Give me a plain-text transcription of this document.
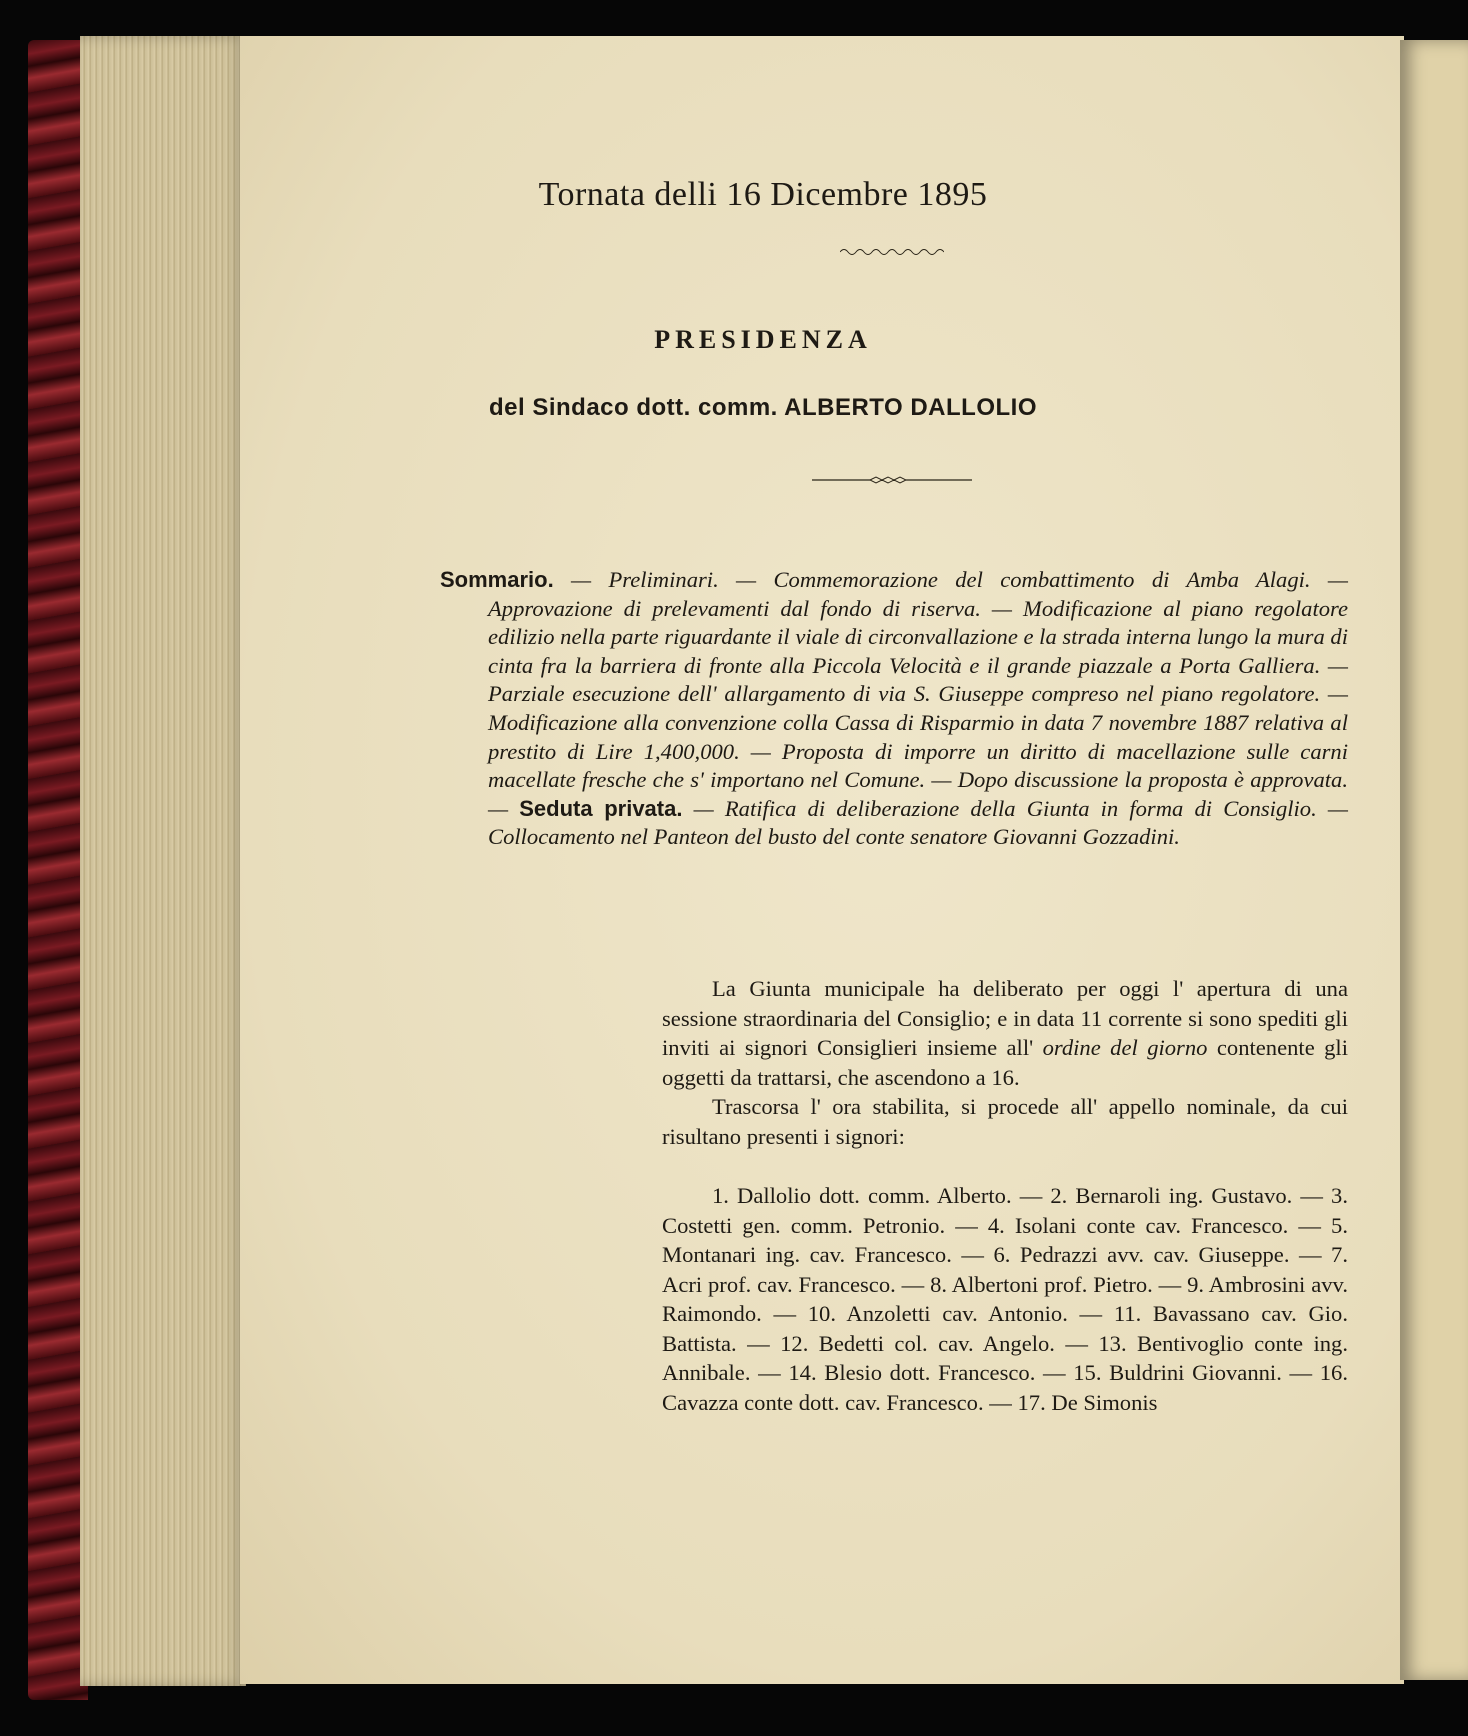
Tornata delli 16 Dicembre 1895
PRESIDENZA
del Sindaco dott. comm. ALBERTO DALLOLIO
Sommario. — Preliminari. — Commemorazione del combattimento di Amba Alagi. — Approvazione di prelevamenti dal fondo di riserva. — Modificazione al piano regolatore edilizio nella parte riguardante il viale di circonvallazione e la strada interna lungo la mura di cinta fra la barriera di fronte alla Piccola Velocità e il grande piazzale a Porta Galliera. — Parziale esecuzione dell' allargamento di via S. Giuseppe compreso nel piano regolatore. — Modificazione alla convenzione colla Cassa di Risparmio in data 7 novembre 1887 relativa al prestito di Lire 1,400,000. — Proposta di imporre un diritto di macellazione sulle carni macellate fresche che s' importano nel Comune. — Dopo discussione la proposta è approvata. — Seduta privata. — Ratifica di deliberazione della Giunta in forma di Consiglio. — Collocamento nel Panteon del busto del conte senatore Giovanni Gozzadini.

La Giunta municipale ha deliberato per oggi l' apertura di una sessione straordinaria del Consiglio; e in data 11 corrente si sono spediti gli inviti ai signori Consiglieri insieme all' ordine del giorno contenente gli oggetti da trattarsi, che ascendono a 16.

Trascorsa l' ora stabilita, si procede all' appello nominale, da cui risultano presenti i signori:

1. Dallolio dott. comm. Alberto. — 2. Bernaroli ing. Gustavo. — 3. Costetti gen. comm. Petronio. — 4. Isolani conte cav. Francesco. — 5. Montanari ing. cav. Francesco. — 6. Pedrazzi avv. cav. Giuseppe. — 7. Acri prof. cav. Francesco. — 8. Albertoni prof. Pietro. — 9. Ambrosini avv. Raimondo. — 10. Anzoletti cav. Antonio. — 11. Bavassano cav. Gio. Battista. — 12. Bedetti col. cav. Angelo. — 13. Bentivoglio conte ing. Annibale. — 14. Blesio dott. Francesco. — 15. Buldrini Giovanni. — 16. Cavazza conte dott. cav. Francesco. — 17. De Simonis
